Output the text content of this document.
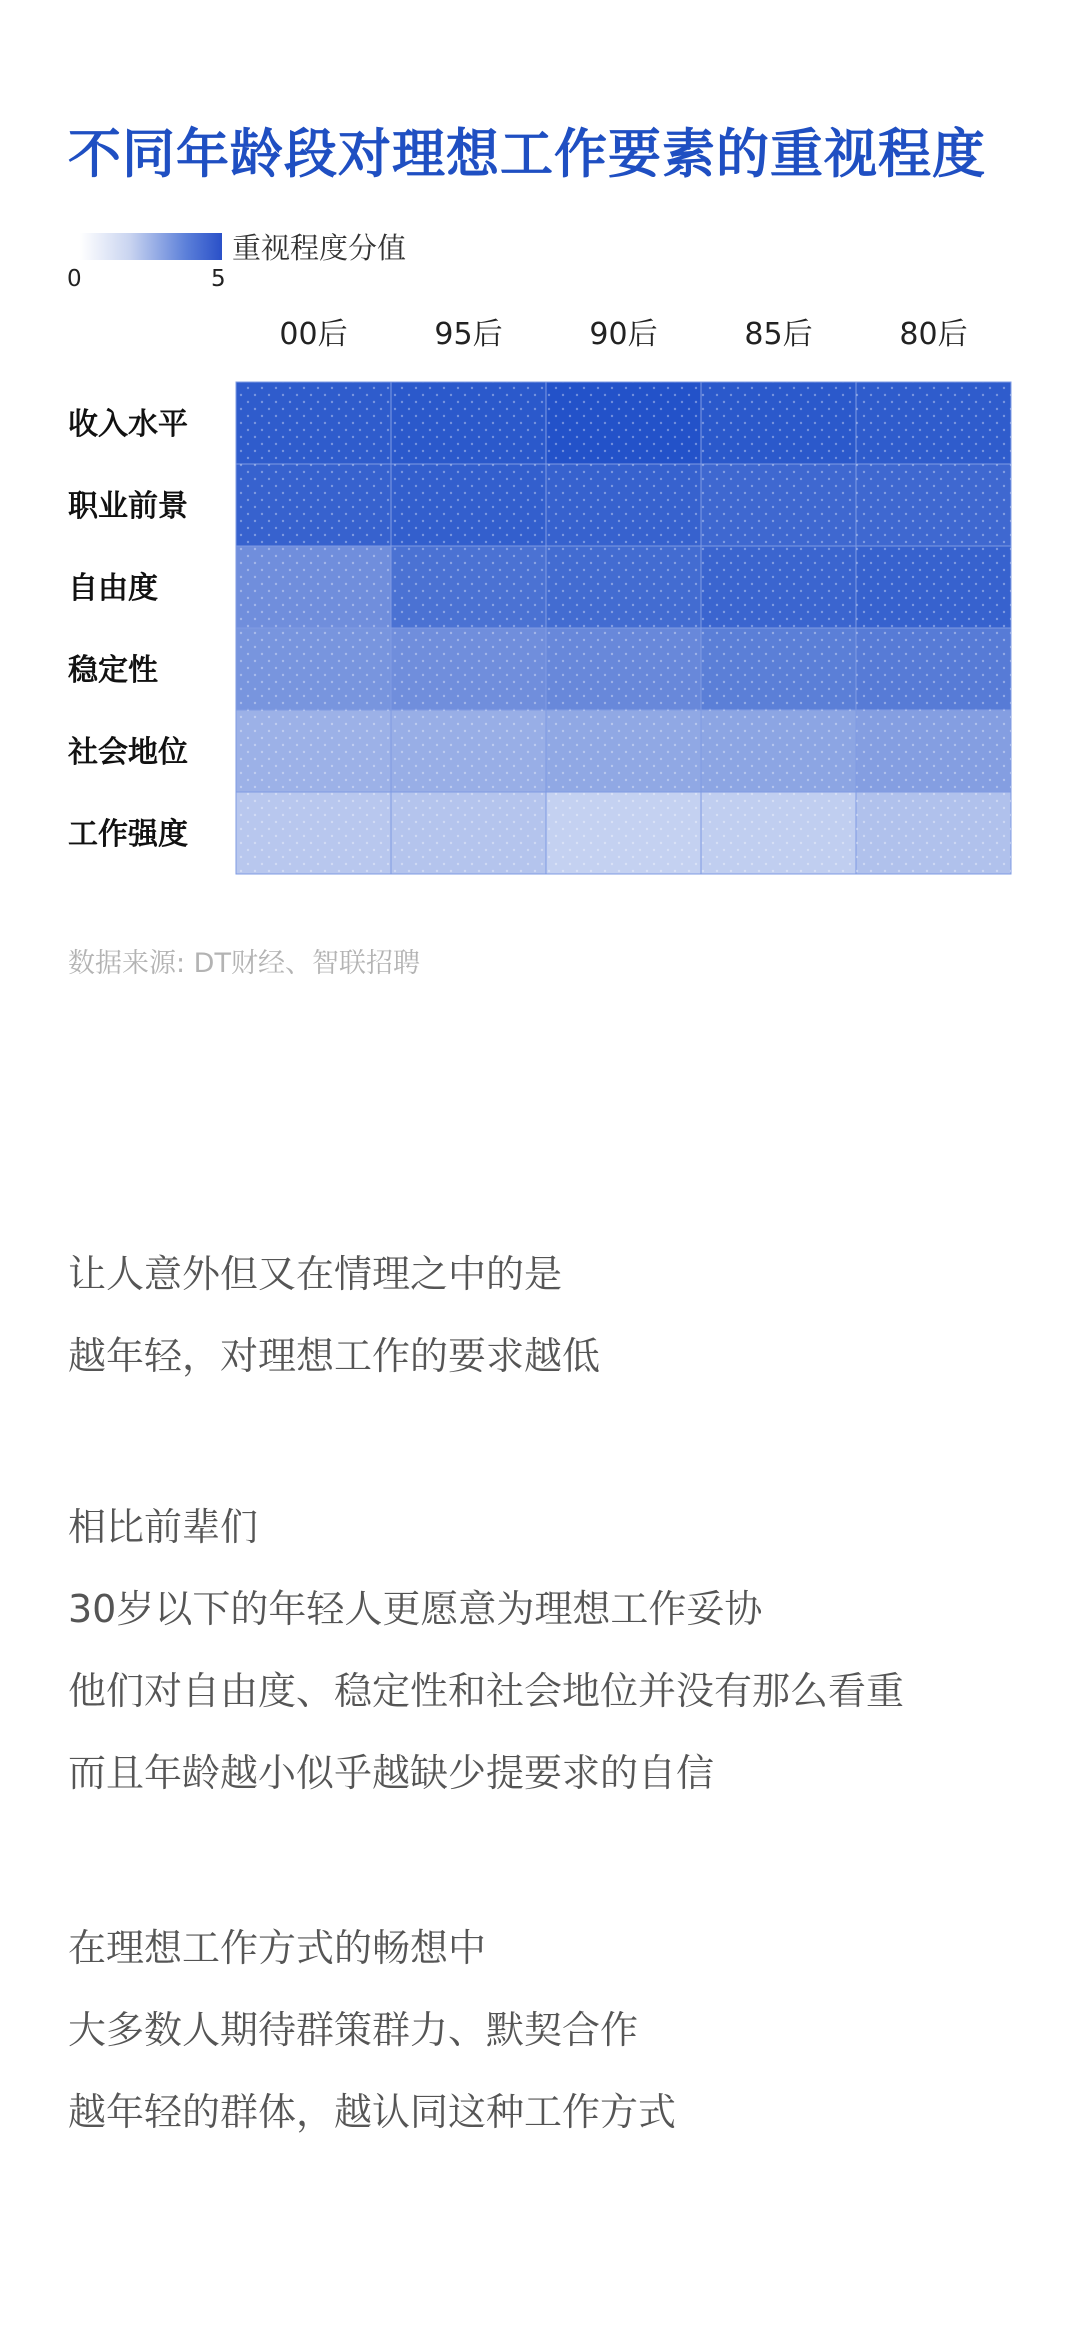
不同年龄段对理想工作要素的重视程度
重视程度分值
0	5
00后	95后	90后	85后	80后
收入水平
职业前景
自由度
稳定性
社会地位
工作强度
数据来源: DT财经、智联招聘
让人意外但又在情理之中的是
越年轻，对理想工作的要求越低
相比前辈们
30岁以下的年轻人更愿意为理想工作妥协
他们对自由度、稳定性和社会地位并没有那么看重
而且年龄越小似乎越缺少提要求的自信
在理想工作方式的畅想中
大多数人期待群策群力、默契合作
越年轻的群体，越认同这种工作方式
